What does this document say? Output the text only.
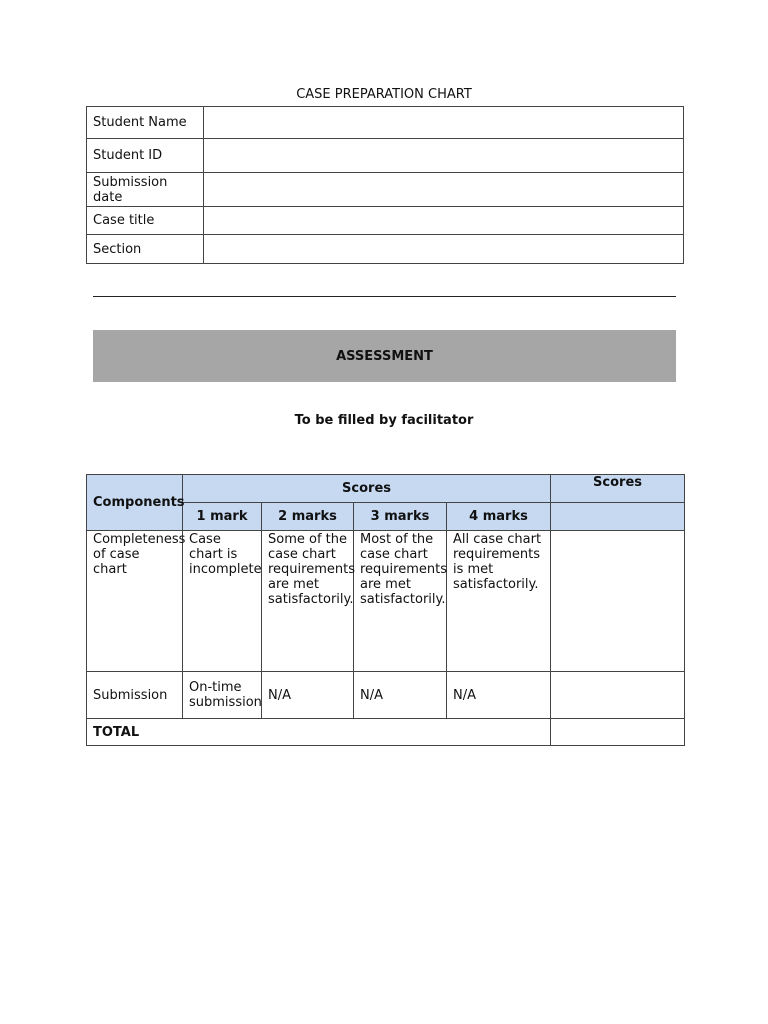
CASE PREPARATION CHART
Student Name	
Student ID	
Submission date	
Case title	
Section	
ASSESSMENT
To be filled by facilitator
Components	Scores				Scores
	1 mark	2 marks	3 marks	4 marks	
Completeness of case chart	Case chart is incomplete	Some of the case chart requirements are met satisfactorily.	Most of the case chart requirements are met satisfactorily.	All case chart requirements is met satisfactorily.	
Submission	On-time submission	N/A	N/A	N/A	
TOTAL					
